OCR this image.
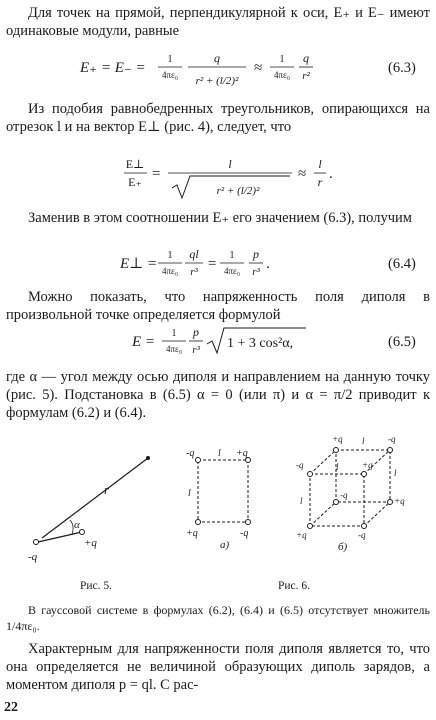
Для точек на прямой, перпендикулярной к оси, E₊ и E₋ имеют одинаковые модули, равные
E₊ = E₋ =
1
4πε₀
q
r² + (l/2)²
≈
1
4πε₀
q
r²	(6.3)
Из подобия равнобедренных треугольников, опирающихся на отрезок l и на вектор E⊥ (рис. 4), следует, что
E⊥
E₊ =
l
r² + (l/2)²
≈
l
r .
Заменив в этом соотношении E₊ его значением (6.3), получим
E⊥ =
1
4πε₀
ql
r³ =
1
4πε₀
p
r³ .	(6.4)
Можно показать, что напряженность поля диполя в произвольной точке определяется формулой
E =
1
4πε₀
p
r³ 1 + 3 cos²α,	(6.5)
где α — угол между осью диполя и направлением на данную точку (рис. 5). Подстановка в (6.5) α = 0 (или π) и α = π/2 приводит к формулам (6.2) и (6.4).
r
α
-q
+q
Рис. 5.
-q l +q
l
+q	-q
а)
+q l	-q
-q	l	+q
l
l
-q
+q
+q	-q
б)
Рис. 6.
В гауссовой системе в формулах (6.2), (6.4) и (6.5) отсутствует множитель 1/4πε₀.
Характерным для напряженности поля диполя является то, что она определяется не величиной образующих диполь зарядов, а моментом диполя p = ql. С рас-
22
